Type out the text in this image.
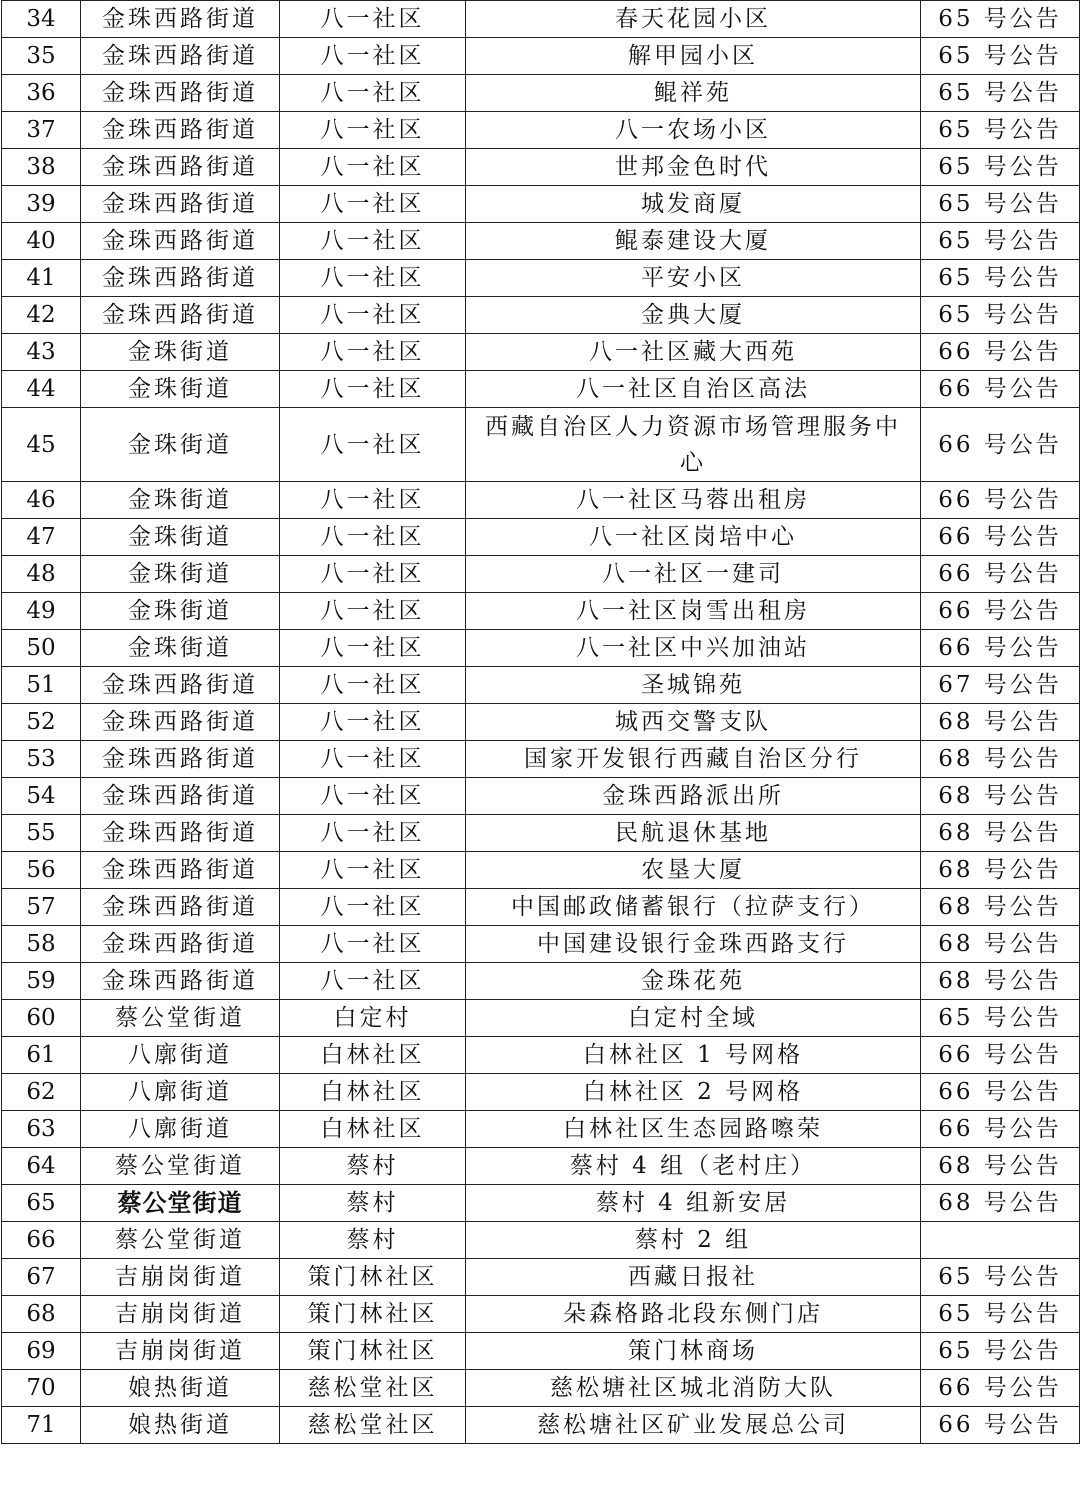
34	金珠西路街道	八一社区	春天花园小区	65 号公告
35	金珠西路街道	八一社区	解甲园小区	65 号公告
36	金珠西路街道	八一社区	鲲祥苑	65 号公告
37	金珠西路街道	八一社区	八一农场小区	65 号公告
38	金珠西路街道	八一社区	世邦金色时代	65 号公告
39	金珠西路街道	八一社区	城发商厦	65 号公告
40	金珠西路街道	八一社区	鲲泰建设大厦	65 号公告
41	金珠西路街道	八一社区	平安小区	65 号公告
42	金珠西路街道	八一社区	金典大厦	65 号公告
43	金珠街道	八一社区	八一社区藏大西苑	66 号公告
44	金珠街道	八一社区	八一社区自治区高法	66 号公告
45	金珠街道	八一社区	西藏自治区人力资源市场管理服务中心	66 号公告
46	金珠街道	八一社区	八一社区马蓉出租房	66 号公告
47	金珠街道	八一社区	八一社区岗培中心	66 号公告
48	金珠街道	八一社区	八一社区一建司	66 号公告
49	金珠街道	八一社区	八一社区岗雪出租房	66 号公告
50	金珠街道	八一社区	八一社区中兴加油站	66 号公告
51	金珠西路街道	八一社区	圣城锦苑	67 号公告
52	金珠西路街道	八一社区	城西交警支队	68 号公告
53	金珠西路街道	八一社区	国家开发银行西藏自治区分行	68 号公告
54	金珠西路街道	八一社区	金珠西路派出所	68 号公告
55	金珠西路街道	八一社区	民航退休基地	68 号公告
56	金珠西路街道	八一社区	农垦大厦	68 号公告
57	金珠西路街道	八一社区	中国邮政储蓄银行（拉萨支行）	68 号公告
58	金珠西路街道	八一社区	中国建设银行金珠西路支行	68 号公告
59	金珠西路街道	八一社区	金珠花苑	68 号公告
60	蔡公堂街道	白定村	白定村全域	65 号公告
61	八廓街道	白林社区	白林社区 1 号网格	66 号公告
62	八廓街道	白林社区	白林社区 2 号网格	66 号公告
63	八廓街道	白林社区	白林社区生态园路嚓荣	66 号公告
64	蔡公堂街道	蔡村	蔡村 4 组（老村庄）	68 号公告
65	蔡公堂街道	蔡村	蔡村 4 组新安居	68 号公告
66	蔡公堂街道	蔡村	蔡村 2 组	
67	吉崩岗街道	策门林社区	西藏日报社	65 号公告
68	吉崩岗街道	策门林社区	朵森格路北段东侧门店	65 号公告
69	吉崩岗街道	策门林社区	策门林商场	65 号公告
70	娘热街道	慈松堂社区	慈松塘社区城北消防大队	66 号公告
71	娘热街道	慈松堂社区	慈松塘社区矿业发展总公司	66 号公告
